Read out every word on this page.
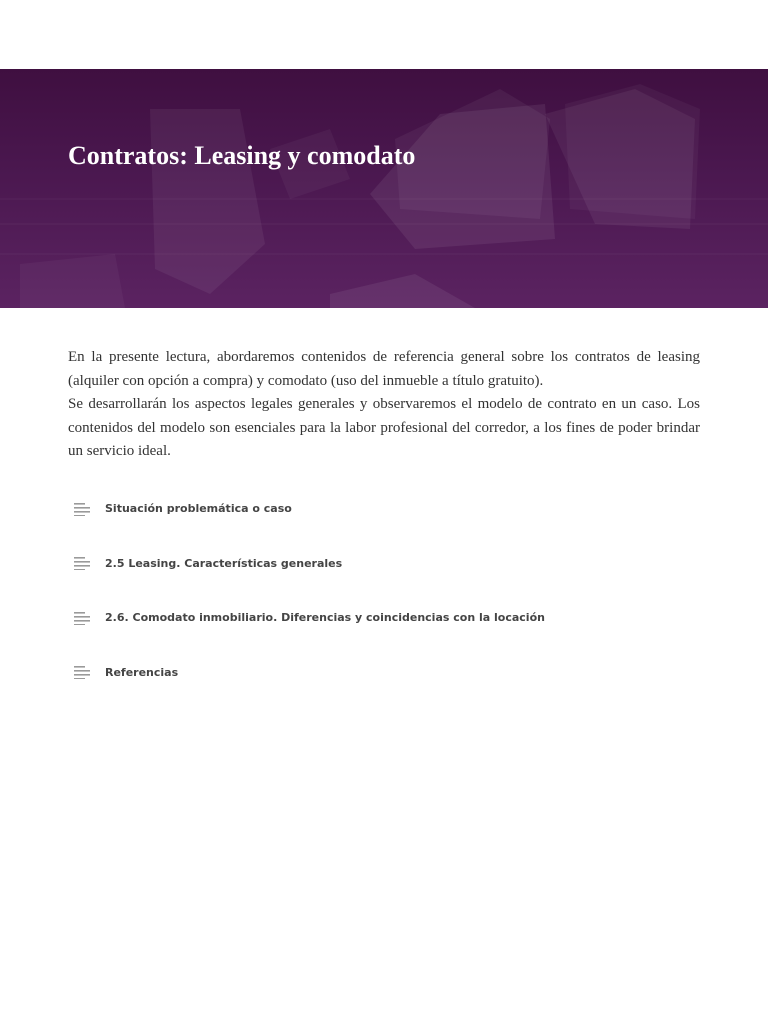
Contratos: Leasing y comodato

En la presente lectura, abordaremos contenidos de referencia general sobre los contratos de leasing (alquiler con opción a compra) y comodato (uso del inmueble a título gratuito).

Se desarrollarán los aspectos legales generales y observaremos el modelo de contrato en un caso. Los contenidos del modelo son esenciales para la labor profesional del corredor, a los fines de poder brindar un servicio ideal.

Situación problemática o caso
2.5 Leasing. Características generales
2.6. Comodato inmobiliario. Diferencias y coincidencias con la locación
Referencias
